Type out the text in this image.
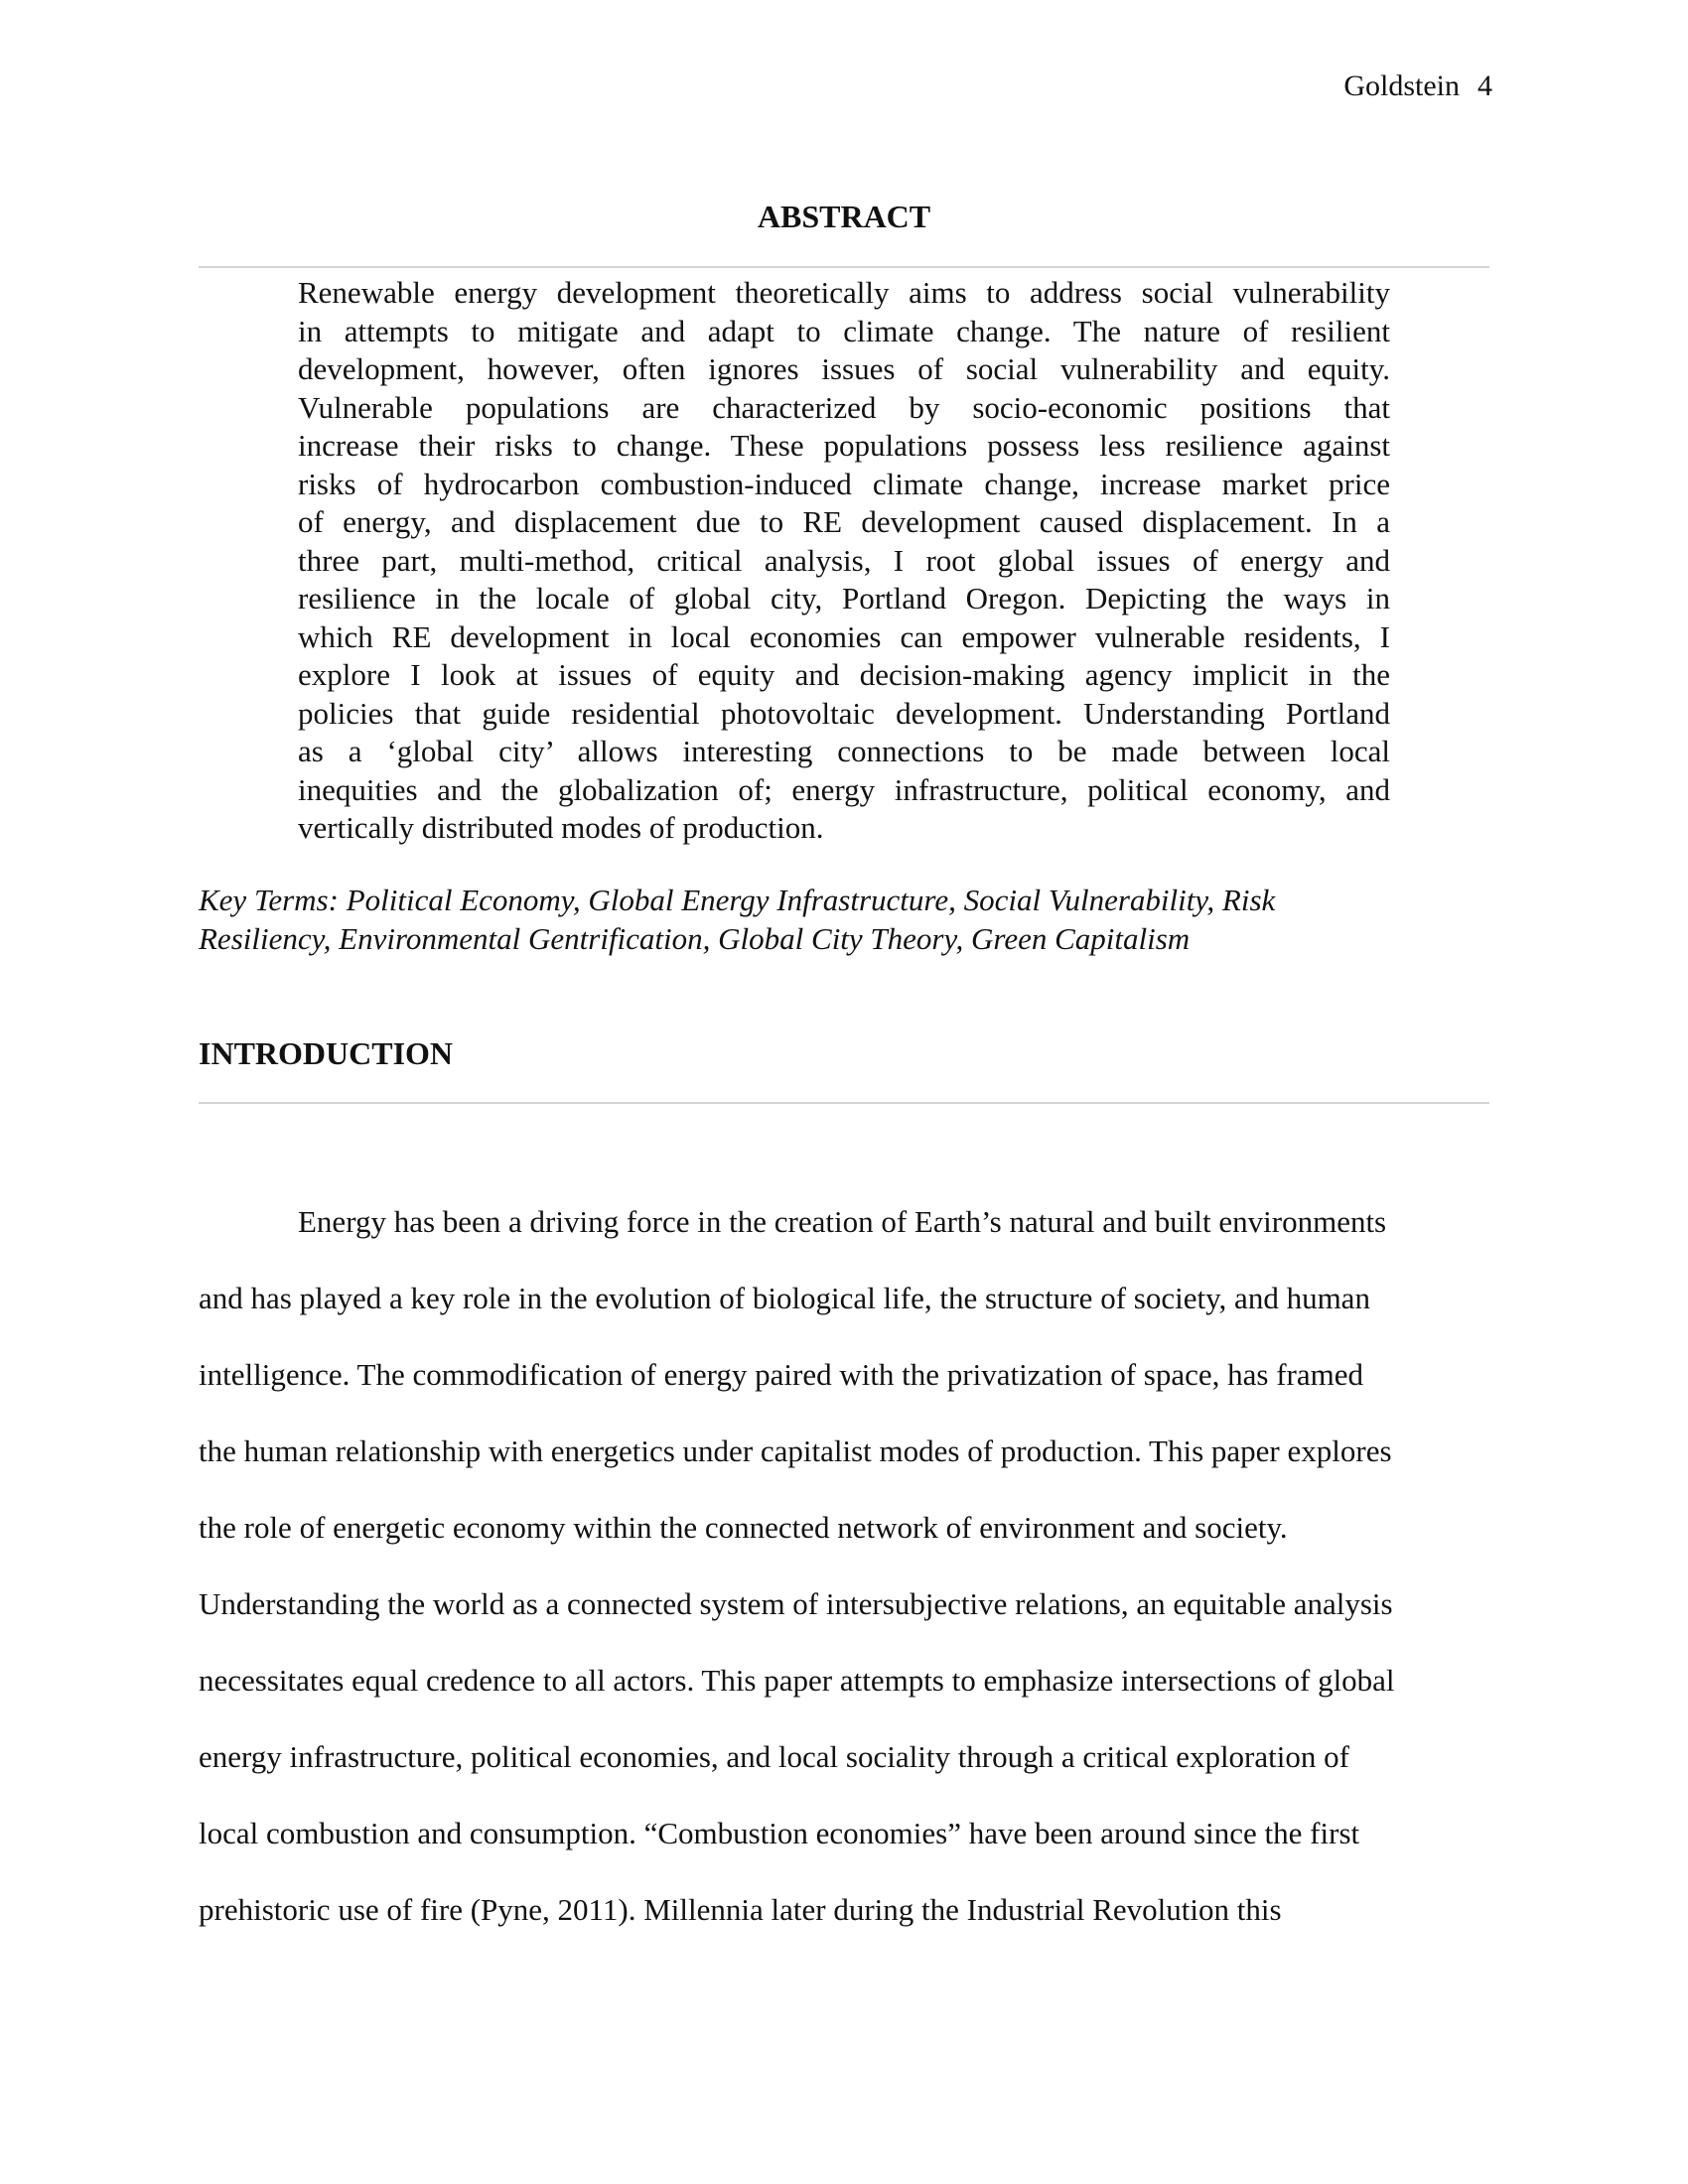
Goldstein 4
ABSTRACT
Renewable energy development theoretically aims to address social vulnerability
in attempts to mitigate and adapt to climate change. The nature of resilient
development, however, often ignores issues of social vulnerability and equity.
Vulnerable populations are characterized by socio-economic positions that
increase their risks to change. These populations possess less resilience against
risks of hydrocarbon combustion-induced climate change, increase market price
of energy, and displacement due to RE development caused displacement. In a
three part, multi-method, critical analysis, I root global issues of energy and
resilience in the locale of global city, Portland Oregon. Depicting the ways in
which RE development in local economies can empower vulnerable residents, I
explore I look at issues of equity and decision-making agency implicit in the
policies that guide residential photovoltaic development. Understanding Portland
as a ‘global city’ allows interesting connections to be made between local
inequities and the globalization of; energy infrastructure, political economy, and
vertically distributed modes of production.
Key Terms: Political Economy, Global Energy Infrastructure, Social Vulnerability, Risk
Resiliency, Environmental Gentrification, Global City Theory, Green Capitalism
INTRODUCTION
Energy has been a driving force in the creation of Earth’s natural and built environments
and has played a key role in the evolution of biological life, the structure of society, and human
intelligence. The commodification of energy paired with the privatization of space, has framed
the human relationship with energetics under capitalist modes of production. This paper explores
the role of energetic economy within the connected network of environment and society.
Understanding the world as a connected system of intersubjective relations, an equitable analysis
necessitates equal credence to all actors. This paper attempts to emphasize intersections of global
energy infrastructure, political economies, and local sociality through a critical exploration of
local combustion and consumption. “Combustion economies” have been around since the first
prehistoric use of fire (Pyne, 2011). Millennia later during the Industrial Revolution this
